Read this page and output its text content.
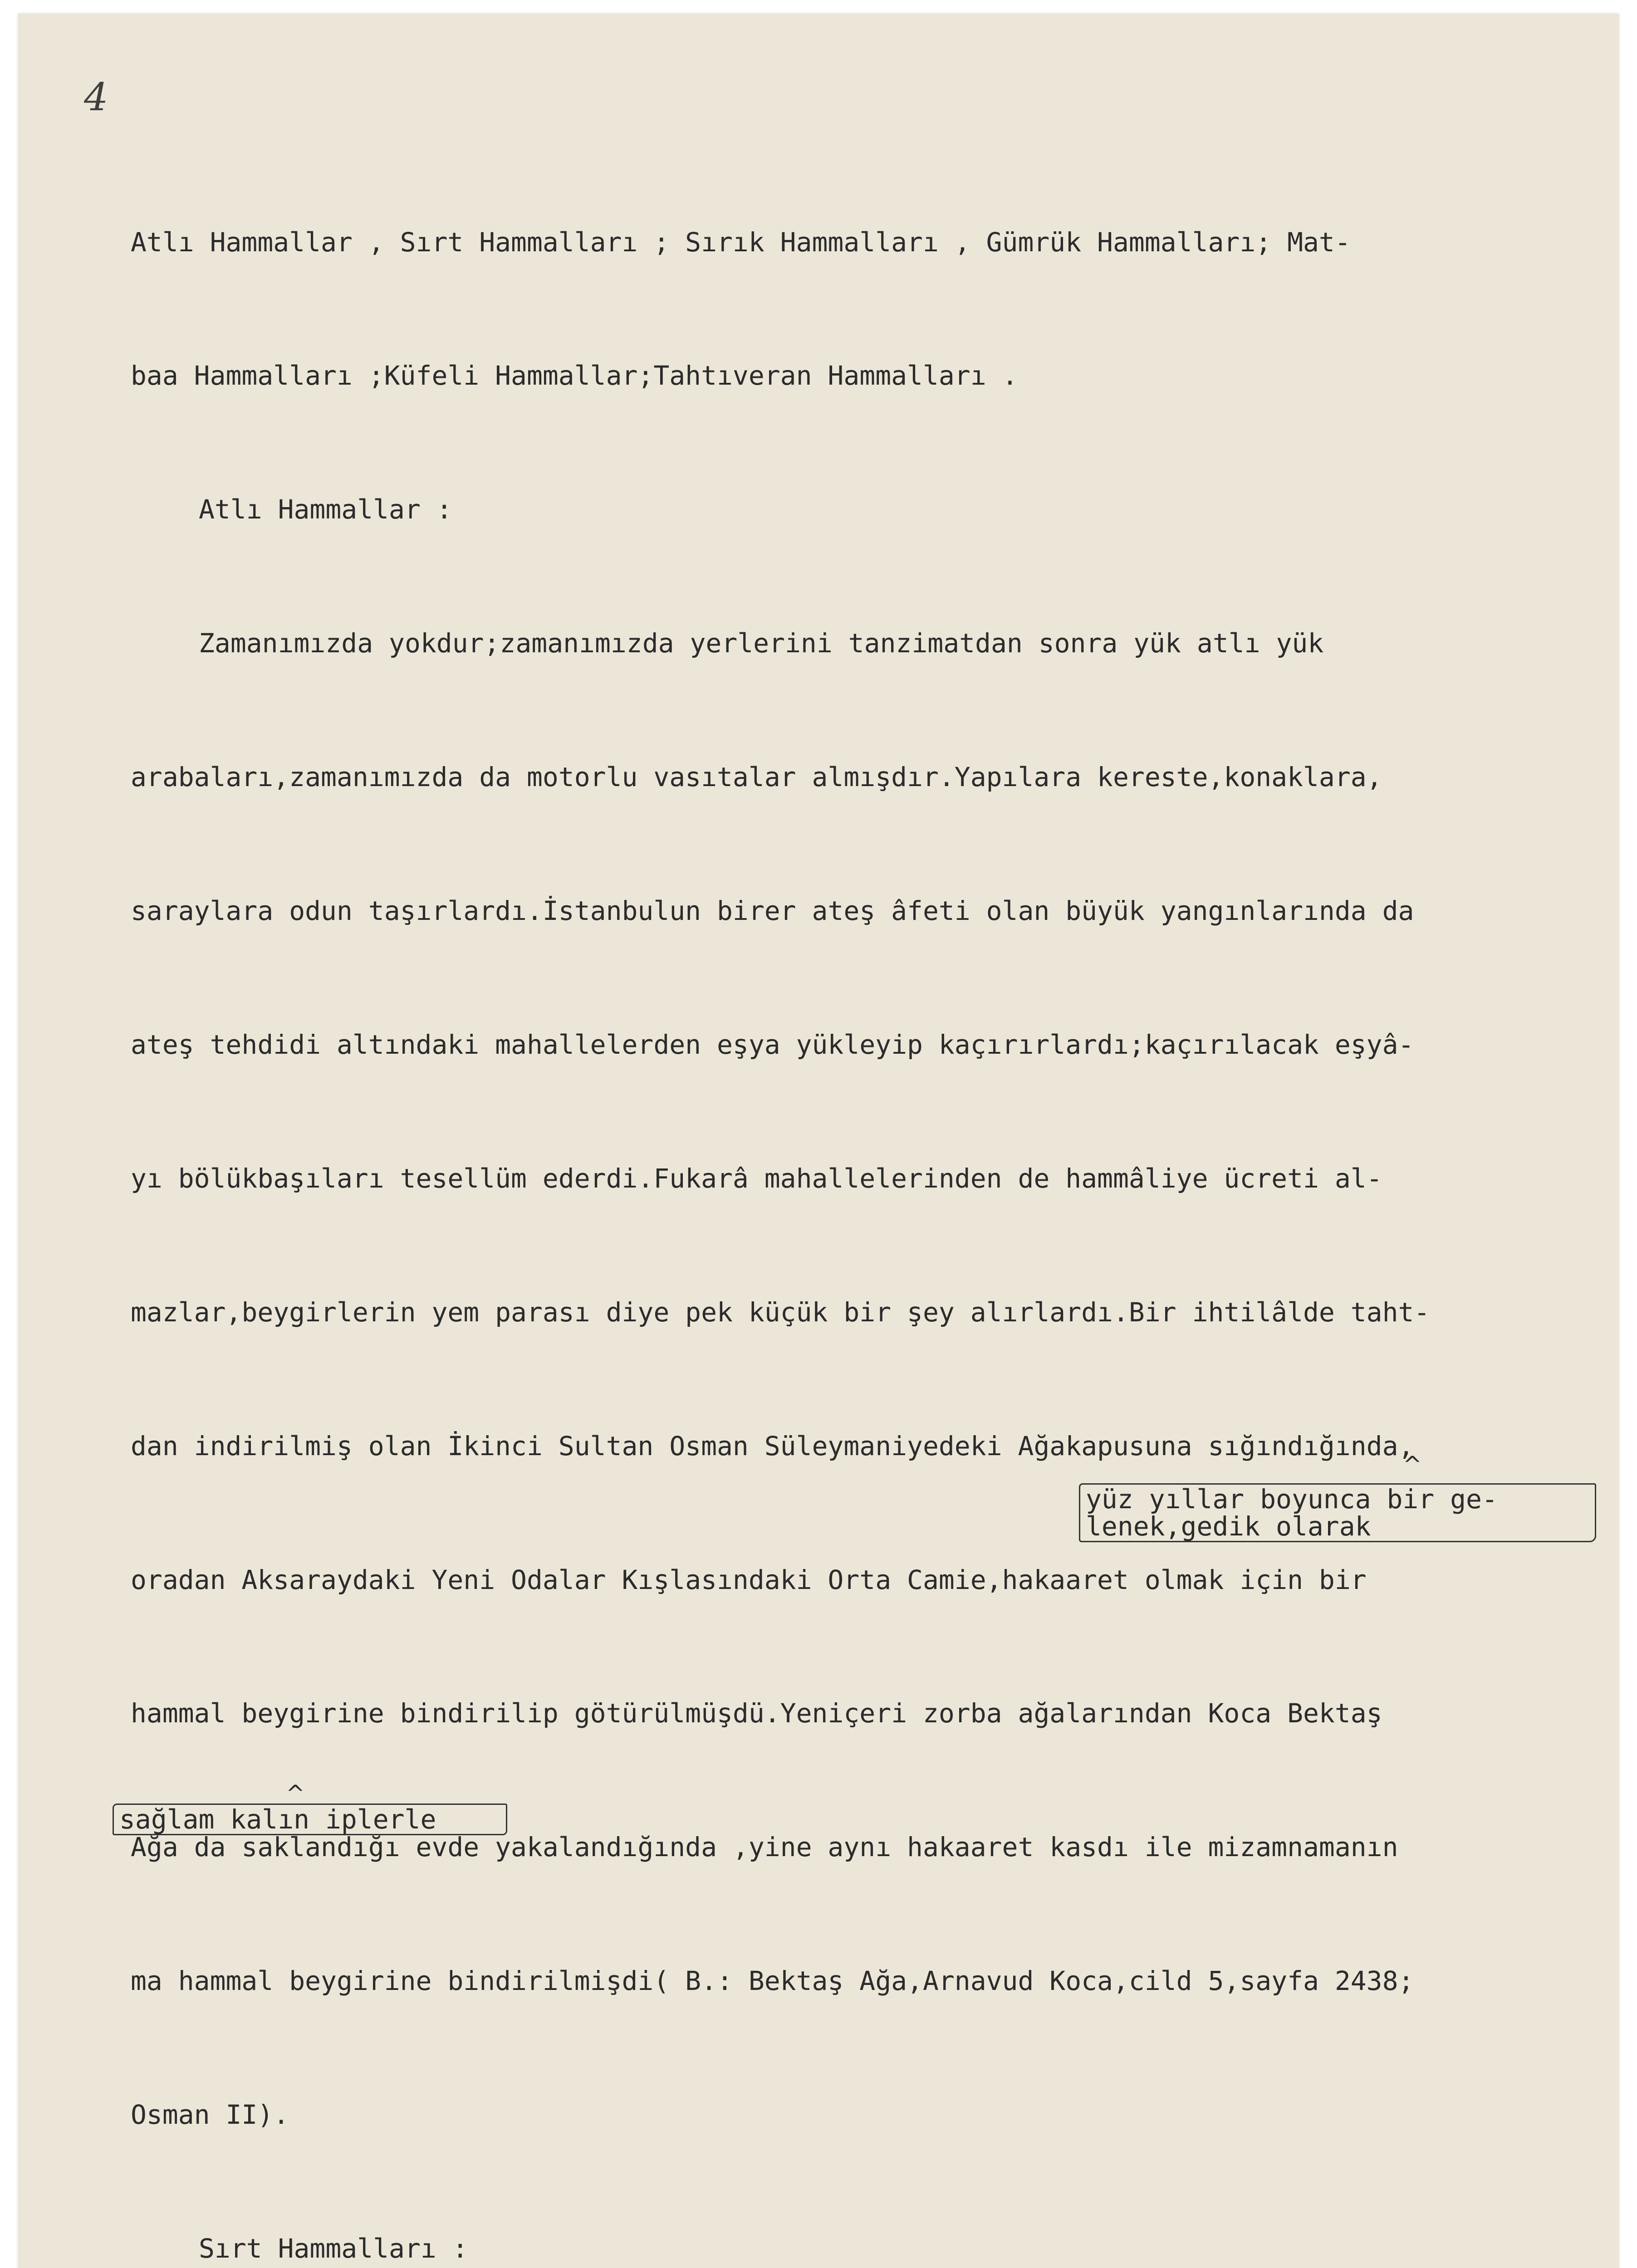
4

Atlı Hammallar , Sırt Hammalları ; Sırık Hammalları , Gümrük Hammalları; Mat-

baa Hammalları ;Küfeli Hammallar;Tahtıveran Hammalları .

Atlı Hammallar :

Zamanımızda yokdur;zamanımızda yerlerini tanzimatdan sonra yük atlı yük

arabaları,zamanımızda da motorlu vasıtalar almışdır.Yapılara kereste,konaklara,

saraylara odun taşırlardı.İstanbulun birer ateş âfeti olan büyük yangınlarında da

ateş tehdidi altındaki mahallelerden eşya yükleyip kaçırırlardı;kaçırılacak eşyâ-

yı bölükbaşıları tesellüm ederdi.Fukarâ mahallelerinden de hammâliye ücreti al-

mazlar,beygirlerin yem parası diye pek küçük bir şey alırlardı.Bir ihtilâlde taht-

dan indirilmiş olan İkinci Sultan Osman Süleymaniyedeki Ağakapusuna sığındığında,

oradan Aksaraydaki Yeni Odalar Kışlasındaki Orta Camie,hakaaret olmak için bir

hammal beygirine bindirilip götürülmüşdü.Yeniçeri zorba ağalarından Koca Bektaş

Ağa da saklandığı evde yakalandığında ,yine aynı hakaaret kasdı ile mizamnamanın

ma hammal beygirine bindirilmişdi( B.: Bektaş Ağa,Arnavud Koca,cild 5,sayfa 2438;

Osman II).

Sırt Hammalları :

^
yüz yıllar boyunca bir ge-
lenek,gedik olarak
^
sağlam kalın iplerle
